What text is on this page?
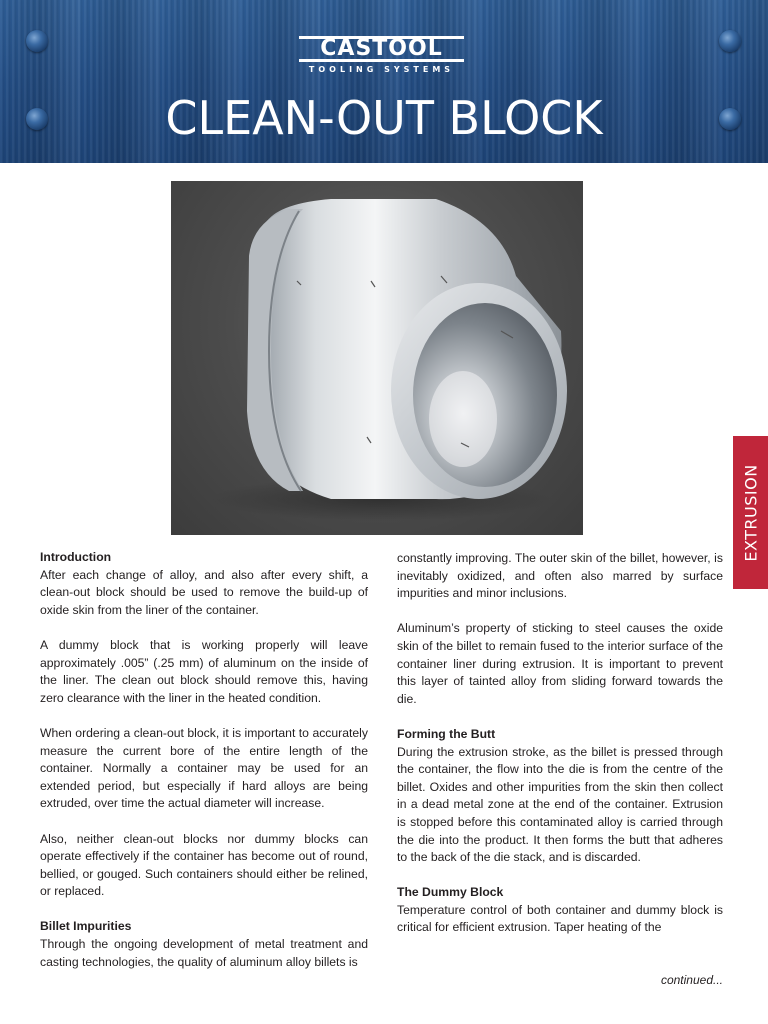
CASTOOL
TOOLING SYSTEMS
CLEAN-OUT BLOCK
EXTRUSION
Introduction

After each change of alloy, and also after every shift, a clean-out block should be used to remove the build-up of oxide skin from the liner of the container.

A dummy block that is working properly will leave approximately .005” (.25 mm) of aluminum on the inside of the liner. The clean out block should remove this, having zero clearance with the liner in the heated condition.

When ordering a clean-out block, it is important to accurately measure the current bore of the entire length of the container. Normally a container may be used for an extended period, but especially if hard alloys are being extruded, over time the actual diameter will increase.

Also, neither clean-out blocks nor dummy blocks can operate effectively if the container has become out of round, bellied, or gouged. Such containers should either be relined, or replaced.

Billet Impurities

Through the ongoing development of metal treatment and casting technologies, the quality of aluminum alloy billets is

constantly improving. The outer skin of the billet, however, is inevitably oxidized, and often also marred by surface impurities and minor inclusions.

Aluminum’s property of sticking to steel causes the oxide skin of the billet to remain fused to the interior surface of the container liner during extrusion. It is important to prevent this layer of tainted alloy from sliding forward towards the die.

Forming the Butt

During the extrusion stroke, as the billet is pressed through the container, the flow into the die is from the centre of the billet. Oxides and other impurities from the skin then collect in a dead metal zone at the end of the container. Extrusion is stopped before this contaminated alloy is carried through the die into the product. It then forms the butt that adheres to the back of the die stack, and is discarded.

The Dummy Block

Temperature control of both container and dummy block is critical for efficient extrusion. Taper heating of the

continued...
